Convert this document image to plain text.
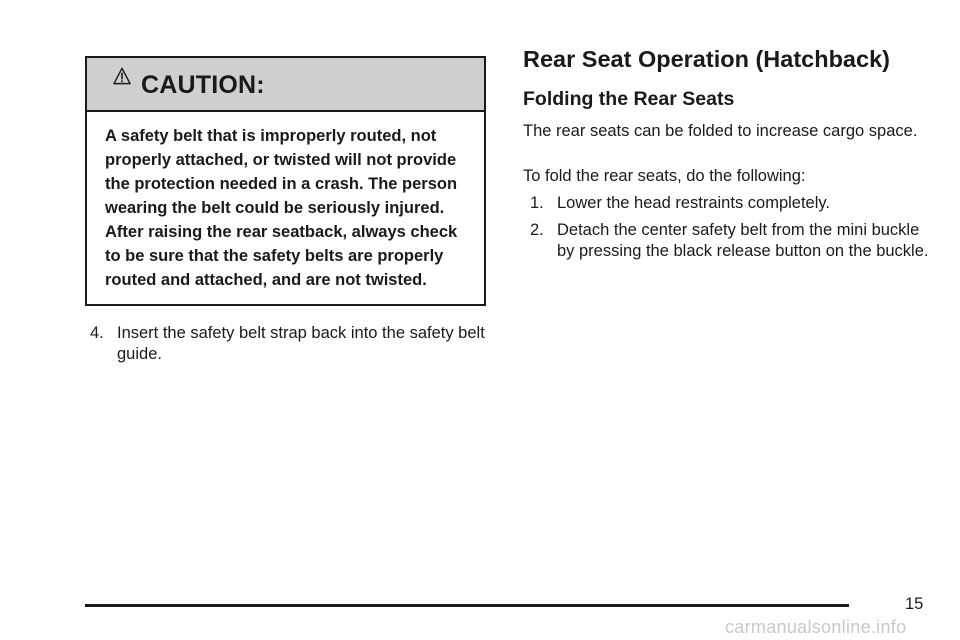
CAUTION:
A safety belt that is improperly routed, not properly attached, or twisted will not provide the protection needed in a crash. The person wearing the belt could be seriously injured. After raising the rear seatback, always check to be sure that the safety belts are properly routed and attached, and are not twisted.
4. Insert the safety belt strap back into the safety belt guide.
Rear Seat Operation (Hatchback)
Folding the Rear Seats
The rear seats can be folded to increase cargo space.
To fold the rear seats, do the following:
1. Lower the head restraints completely.
2. Detach the center safety belt from the mini buckle by pressing the black release button on the buckle.
15
carmanualsonline.info
